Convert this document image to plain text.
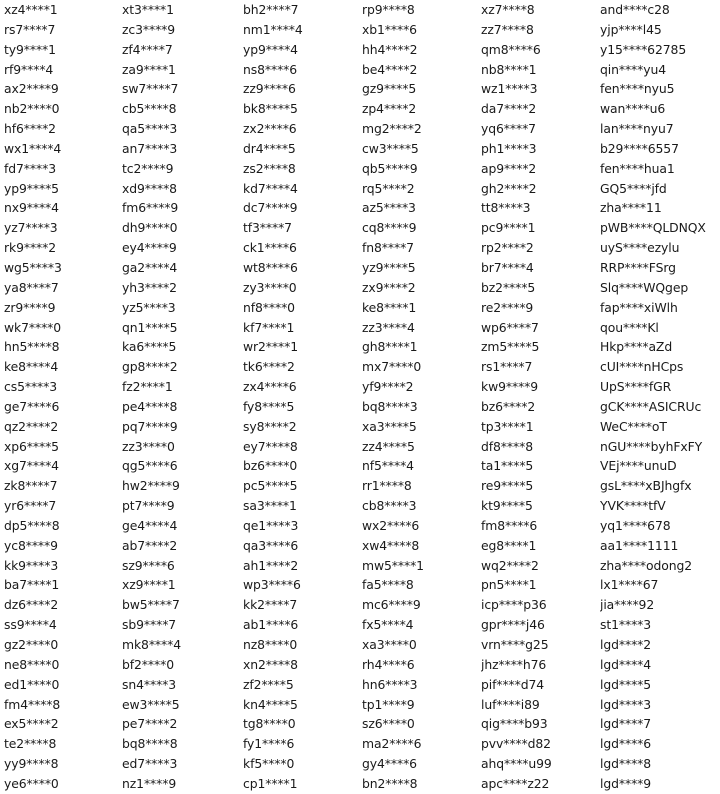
xz4****1
rs7****7
ty9****1
rf9****4
ax2****9
nb2****0
hf6****2
wx1****4
fd7****3
yp9****5
nx9****4
yz7****3
rk9****2
wg5****3
ya8****7
zr9****9
wk7****0
hn5****8
ke8****4
cs5****3
ge7****6
qz2****2
xp6****5
xg7****4
zk8****7
yr6****7
dp5****8
yc8****9
kk9****3
ba7****1
dz6****2
ss9****4
gz2****0
ne8****0
ed1****0
fm4****8
ex5****2
te2****8
yy9****8
ye6****0
xt3****1
zc3****9
zf4****7
za9****1
sw7****7
cb5****8
qa5****3
an7****3
tc2****9
xd9****8
fm6****9
dh9****0
ey4****9
ga2****4
yh3****2
yz5****3
qn1****5
ka6****5
gp8****2
fz2****1
pe4****8
pq7****9
zz3****0
qg5****6
hw2****9
pt7****9
ge4****4
ab7****2
sz9****6
xz9****1
bw5****7
sb9****7
mk8****4
bf2****0
sn4****3
ew3****5
pe7****2
bq8****8
ed7****3
nz1****9
bh2****7
nm1****4
yp9****4
ns8****6
zz9****6
bk8****5
zx2****6
dr4****5
zs2****8
kd7****4
dc7****9
tf3****7
ck1****6
wt8****6
zy3****0
nf8****0
kf7****1
wr2****1
tk6****2
zx4****6
fy8****5
sy8****2
ey7****8
bz6****0
pc5****5
sa3****1
qe1****3
qa3****6
ah1****2
wp3****6
kk2****7
ab1****6
nz8****0
xn2****8
zf2****5
kn4****5
tg8****0
fy1****6
kf5****0
cp1****1
rp9****8
xb1****6
hh4****2
be4****2
gz9****5
zp4****2
mg2****2
cw3****5
qb5****9
rq5****2
az5****3
cq8****9
fn8****7
yz9****5
zx9****2
ke8****1
zz3****4
gh8****1
mx7****0
yf9****2
bq8****3
xa3****5
zz4****5
nf5****4
rr1****8
cb8****3
wx2****6
xw4****8
mw5****1
fa5****8
mc6****9
fx5****4
xa3****0
rh4****6
hn6****3
tp1****9
sz6****0
ma2****6
gy4****6
bn2****8
xz7****8
zz7****8
qm8****6
nb8****1
wz1****3
da7****2
yq6****7
ph1****3
ap9****2
gh2****2
tt8****3
pc9****1
rp2****2
br7****4
bz2****5
re2****9
wp6****7
zm5****5
rs1****7
kw9****9
bz6****2
tp3****1
df8****8
ta1****5
re9****5
kt9****5
fm8****6
eg8****1
wq2****2
pn5****1
icp****p36
gpr****j46
vrn****g25
jhz****h76
pif****d74
luf****i89
qig****b93
pvv****d82
ahq****u99
apc****z22
and****c28
yjp****l45
y15****62785
qin****yu4
fen****nyu5
wan****u6
lan****nyu7
b29****6557
fen****hua1
GQ5****jfd
zha****11
pWB****QLDNQX
uyS****ezylu
RRP****FSrg
Slq****WQgep
fap****xiWlh
qou****Kl
Hkp****aZd
cUI****nHCps
UpS****fGR
gCK****ASICRUc
WeC****oT
nGU****byhFxFY
VEj****unuD
gsL****xBJhgfx
YVK****tfV
yq1****678
aa1****1111
zha****odong2
lx1****67
jia****92
st1****3
lgd****2
lgd****4
lgd****5
lgd****3
lgd****7
lgd****6
lgd****8
lgd****9
